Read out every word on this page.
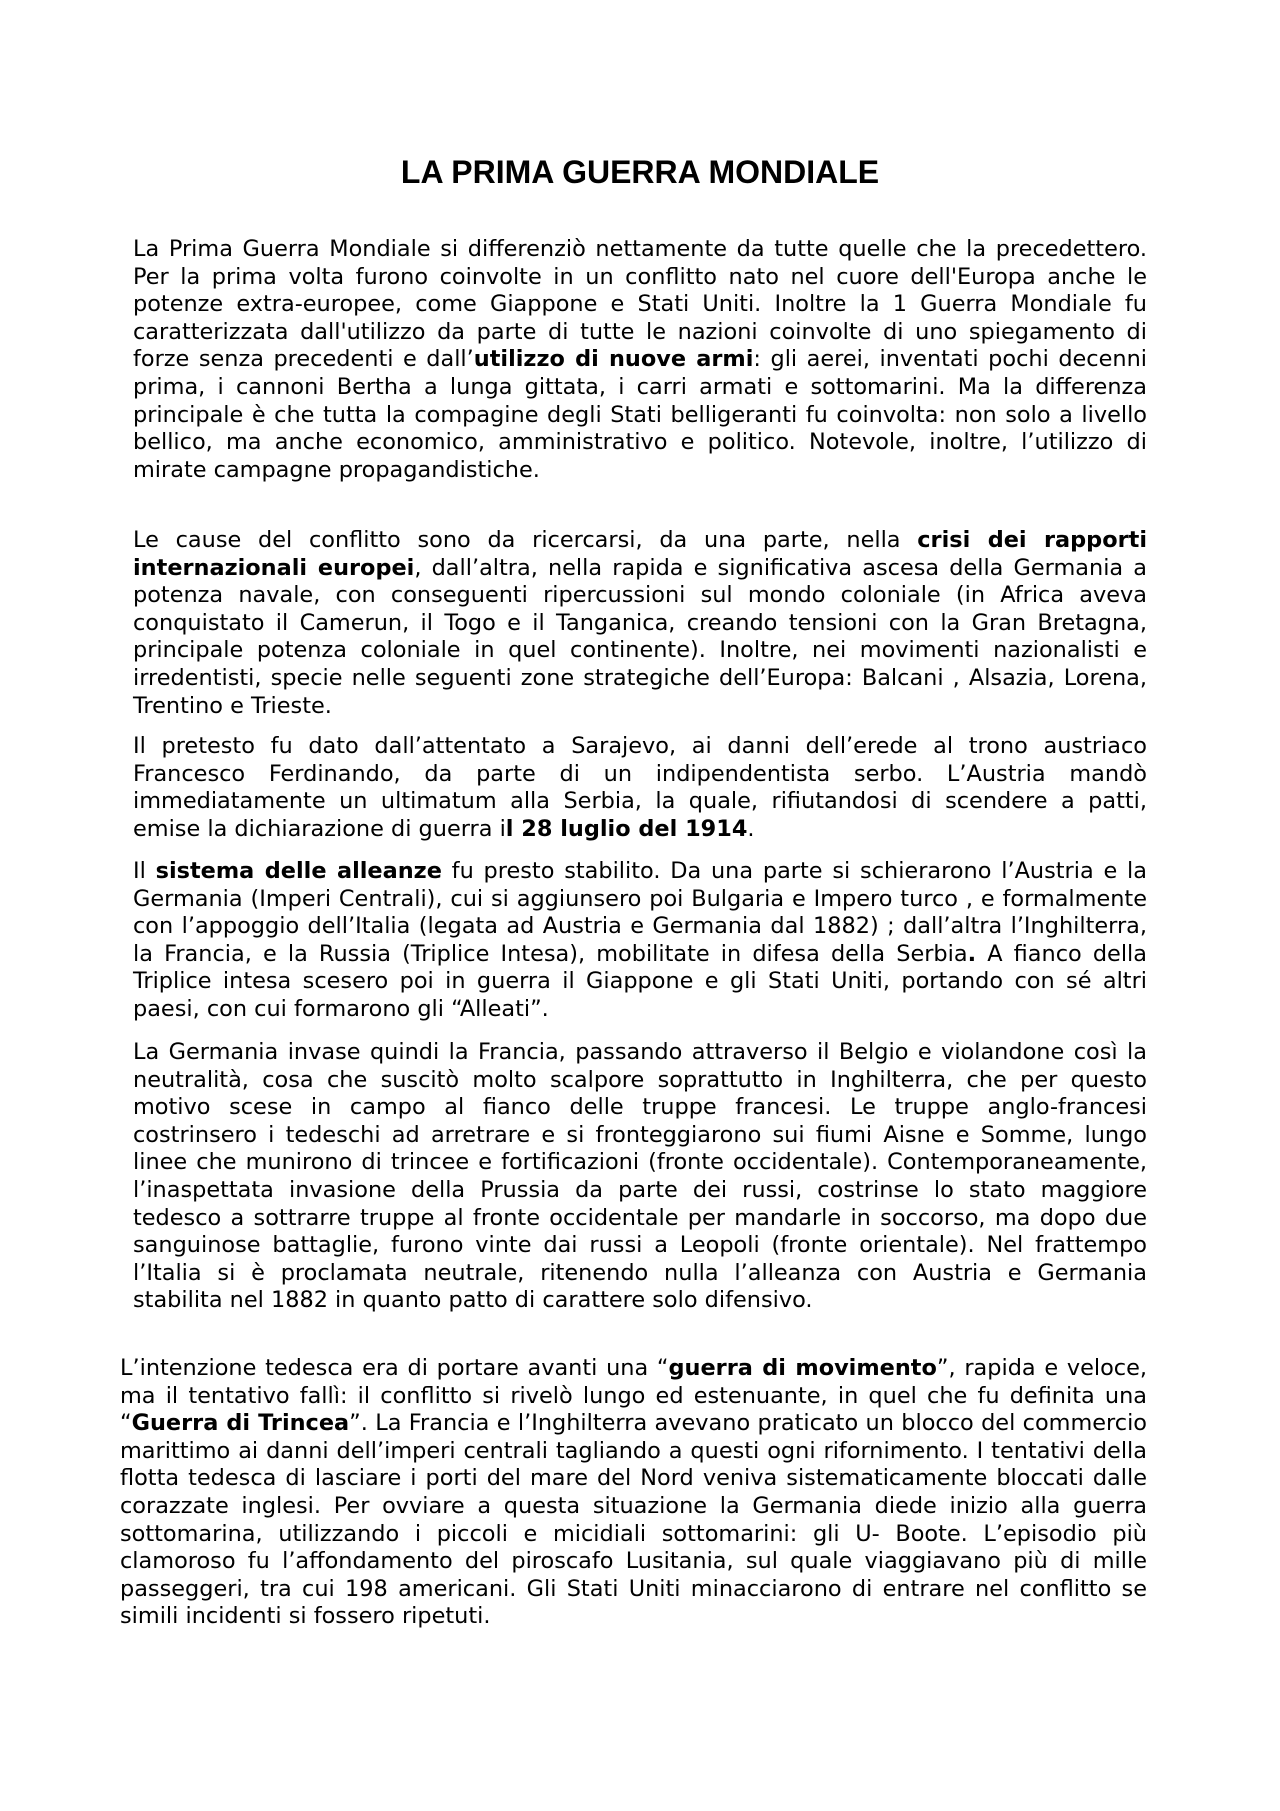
LA PRIMA GUERRA MONDIALE

La Prima Guerra Mondiale si differenziò nettamente da tutte quelle che la precedettero. Per la prima volta furono coinvolte in un conflitto nato nel cuore dell'Europa anche le potenze extra-europee, come Giappone e Stati Uniti. Inoltre la 1 Guerra Mondiale fu caratterizzata dall'utilizzo da parte di tutte le nazioni coinvolte di uno spiegamento di forze senza precedenti e dall’utilizzo di nuove armi: gli aerei, inventati pochi decenni prima, i cannoni Bertha a lunga gittata, i carri armati e sottomarini. Ma la differenza principale è che tutta la compagine degli Stati belligeranti fu coinvolta: non solo a livello bellico, ma anche economico, amministrativo e politico. Notevole, inoltre, l’utilizzo di mirate campagne propagandistiche.

Le cause del conflitto sono da ricercarsi, da una parte, nella crisi dei rapporti internazionali europei, dall’altra, nella rapida e significativa ascesa della Germania a potenza navale, con conseguenti ripercussioni sul mondo coloniale (in Africa aveva conquistato il Camerun, il Togo e il Tanganica, creando tensioni con la Gran Bretagna, principale potenza coloniale in quel continente). Inoltre, nei movimenti nazionalisti e irredentisti, specie nelle seguenti zone strategiche dell’Europa: Balcani , Alsazia, Lorena, Trentino e Trieste.

Il pretesto fu dato dall’attentato a Sarajevo, ai danni dell’erede al trono austriaco Francesco Ferdinando, da parte di un indipendentista serbo. L’Austria mandò immediatamente un ultimatum alla Serbia, la quale, rifiutandosi di scendere a patti, emise la dichiarazione di guerra il 28 luglio del 1914.

Il sistema delle alleanze fu presto stabilito. Da una parte si schierarono l’Austria e la Germania (Imperi Centrali), cui si aggiunsero poi Bulgaria e Impero turco , e formalmente con l’appoggio dell’Italia (legata ad Austria e Germania dal 1882) ; dall’altra l’Inghilterra, la Francia, e la Russia (Triplice Intesa), mobilitate in difesa della Serbia. A fianco della Triplice intesa scesero poi in guerra il Giappone e gli Stati Uniti, portando con sé altri paesi, con cui formarono gli “Alleati”.

La Germania invase quindi la Francia, passando attraverso il Belgio e violandone così la neutralità, cosa che suscitò molto scalpore soprattutto in Inghilterra, che per questo motivo scese in campo al fianco delle truppe francesi. Le truppe anglo-francesi costrinsero i tedeschi ad arretrare e si fronteggiarono sui fiumi Aisne e Somme, lungo linee che munirono di trincee e fortificazioni (fronte occidentale). Contemporaneamente, l’inaspettata invasione della Prussia da parte dei russi, costrinse lo stato maggiore tedesco a sottrarre truppe al fronte occidentale per mandarle in soccorso, ma dopo due sanguinose battaglie, furono vinte dai russi a Leopoli (fronte orientale). Nel frattempo l’Italia si è proclamata neutrale, ritenendo nulla l’alleanza con Austria e Germania stabilita nel 1882 in quanto patto di carattere solo difensivo.

L’intenzione tedesca era di portare avanti una “guerra di movimento”, rapida e veloce, ma il tentativo fallì: il conflitto si rivelò lungo ed estenuante, in quel che fu definita una “Guerra di Trincea”. La Francia e l’Inghilterra avevano praticato un blocco del commercio marittimo ai danni dell’imperi centrali tagliando a questi ogni rifornimento. I tentativi della flotta tedesca di lasciare i porti del mare del Nord veniva sistematicamente bloccati dalle corazzate inglesi. Per ovviare a questa situazione la Germania diede inizio alla guerra sottomarina, utilizzando i piccoli e micidiali sottomarini: gli U- Boote. L’episodio più clamoroso fu l’affondamento del piroscafo Lusitania, sul quale viaggiavano più di mille passeggeri, tra cui 198 americani. Gli Stati Uniti minacciarono di entrare nel conflitto se simili incidenti si fossero ripetuti.
